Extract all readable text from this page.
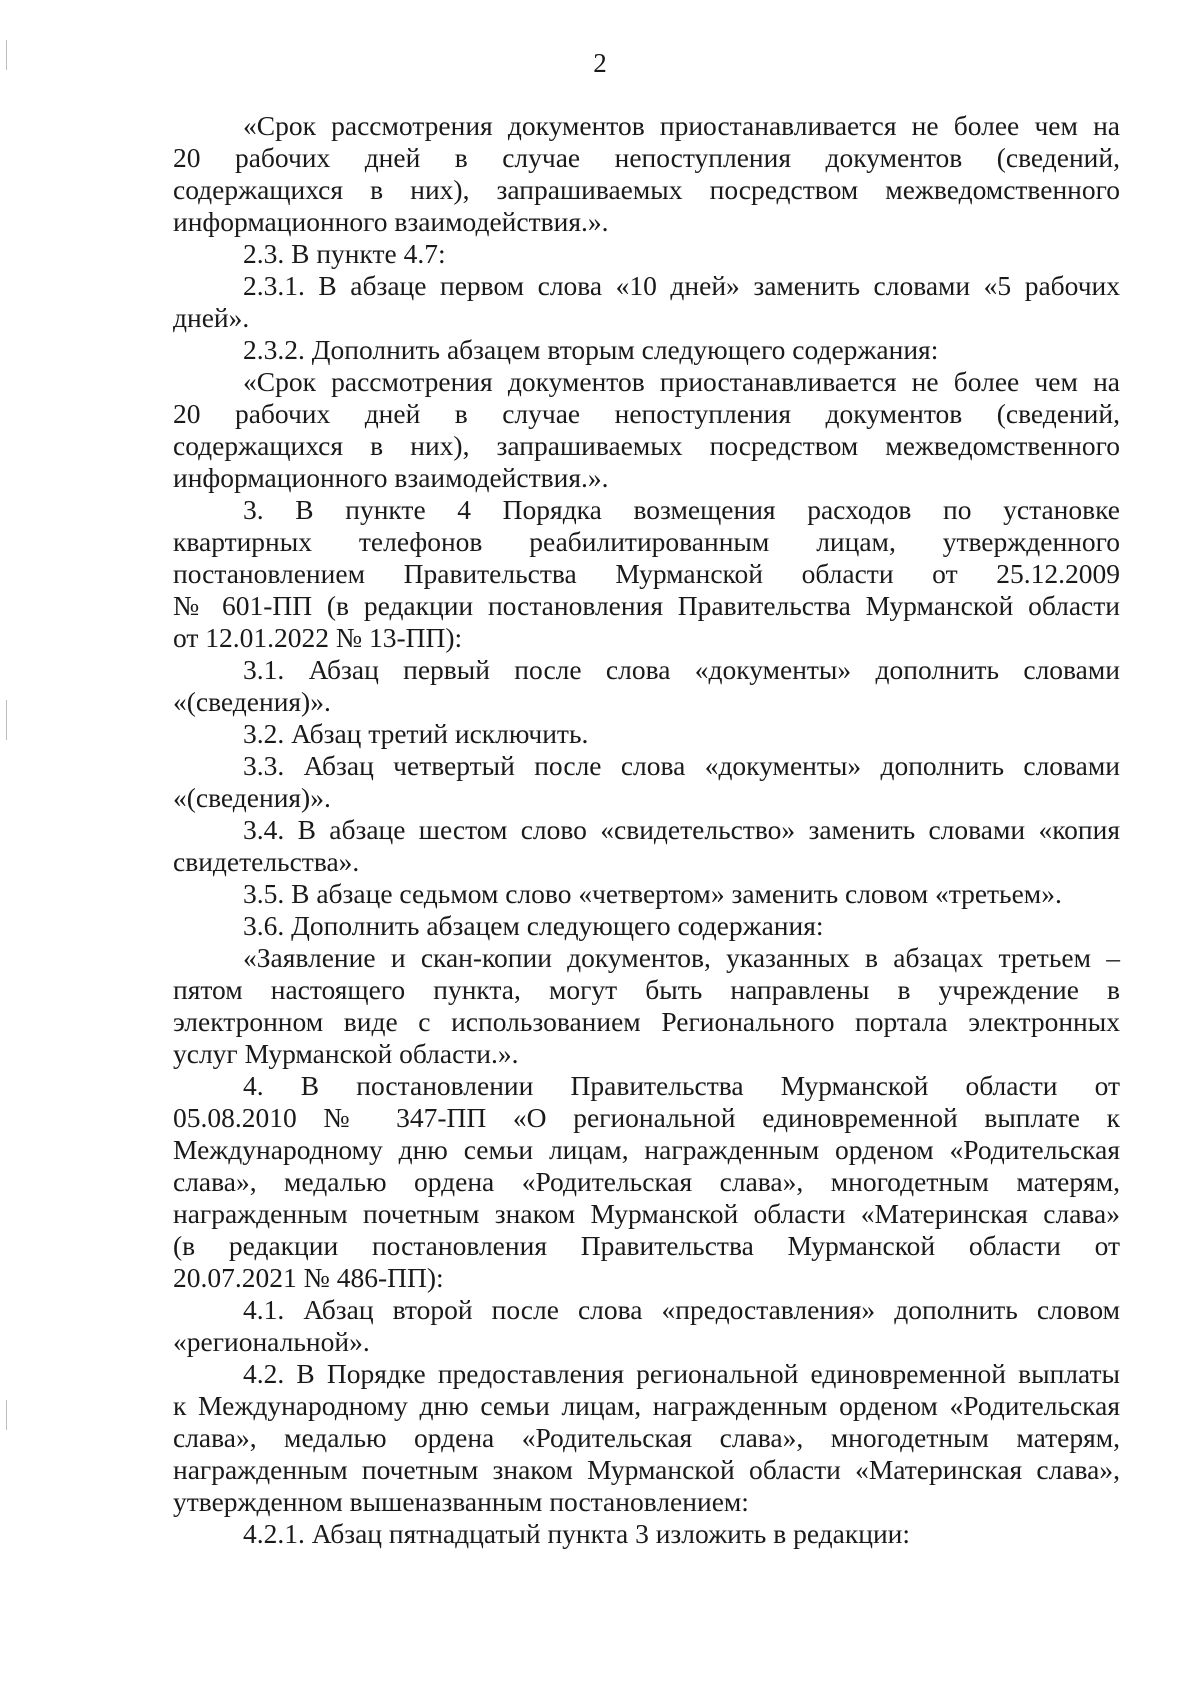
2
«Срок рассмотрения документов приостанавливается не более чем на
20 рабочих дней в случае непоступления документов (сведений,
содержащихся в них), запрашиваемых посредством межведомственного
информационного взаимодействия.».
2.3. В пункте 4.7:
2.3.1. В абзаце первом слова «10 дней» заменить словами «5 рабочих
дней».
2.3.2. Дополнить абзацем вторым следующего содержания:
«Срок рассмотрения документов приостанавливается не более чем на
20 рабочих дней в случае непоступления документов (сведений,
содержащихся в них), запрашиваемых посредством межведомственного
информационного взаимодействия.».
3. В пункте 4 Порядка возмещения расходов по установке
квартирных телефонов реабилитированным лицам, утвержденного
постановлением Правительства Мурманской области от 25.12.2009
№ 601-ПП (в редакции постановления Правительства Мурманской области
от 12.01.2022 № 13-ПП):
3.1. Абзац первый после слова «документы» дополнить словами
«(сведения)».
3.2. Абзац третий исключить.
3.3. Абзац четвертый после слова «документы» дополнить словами
«(сведения)».
3.4. В абзаце шестом слово «свидетельство» заменить словами «копия
свидетельства».
3.5. В абзаце седьмом слово «четвертом» заменить словом «третьем».
3.6. Дополнить абзацем следующего содержания:
«Заявление и скан-копии документов, указанных в абзацах третьем –
пятом настоящего пункта, могут быть направлены в учреждение в
электронном виде с использованием Регионального портала электронных
услуг Мурманской области.».
4. В постановлении Правительства Мурманской области от
05.08.2010 № 347-ПП «О региональной единовременной выплате к
Международному дню семьи лицам, награжденным орденом «Родительская
слава», медалью ордена «Родительская слава», многодетным матерям,
награжденным почетным знаком Мурманской области «Материнская слава»
(в редакции постановления Правительства Мурманской области от
20.07.2021 № 486-ПП):
4.1. Абзац второй после слова «предоставления» дополнить словом
«региональной».
4.2. В Порядке предоставления региональной единовременной выплаты
к Международному дню семьи лицам, награжденным орденом «Родительская
слава», медалью ордена «Родительская слава», многодетным матерям,
награжденным почетным знаком Мурманской области «Материнская слава»,
утвержденном вышеназванным постановлением:
4.2.1. Абзац пятнадцатый пункта 3 изложить в редакции:
